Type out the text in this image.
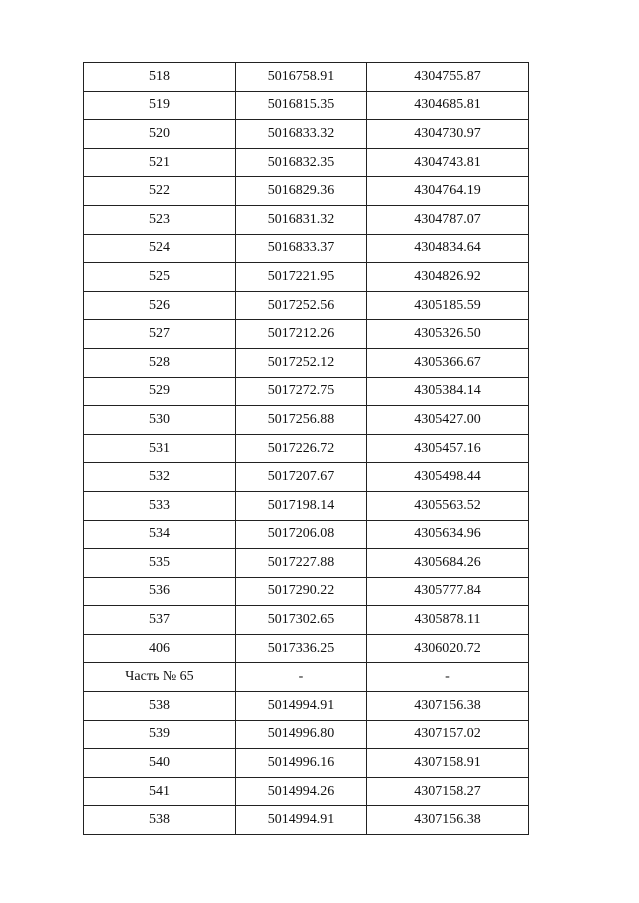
518	5016758.91	4304755.87
519	5016815.35	4304685.81
520	5016833.32	4304730.97
521	5016832.35	4304743.81
522	5016829.36	4304764.19
523	5016831.32	4304787.07
524	5016833.37	4304834.64
525	5017221.95	4304826.92
526	5017252.56	4305185.59
527	5017212.26	4305326.50
528	5017252.12	4305366.67
529	5017272.75	4305384.14
530	5017256.88	4305427.00
531	5017226.72	4305457.16
532	5017207.67	4305498.44
533	5017198.14	4305563.52
534	5017206.08	4305634.96
535	5017227.88	4305684.26
536	5017290.22	4305777.84
537	5017302.65	4305878.11
406	5017336.25	4306020.72
Часть № 65	-	-
538	5014994.91	4307156.38
539	5014996.80	4307157.02
540	5014996.16	4307158.91
541	5014994.26	4307158.27
538	5014994.91	4307156.38
